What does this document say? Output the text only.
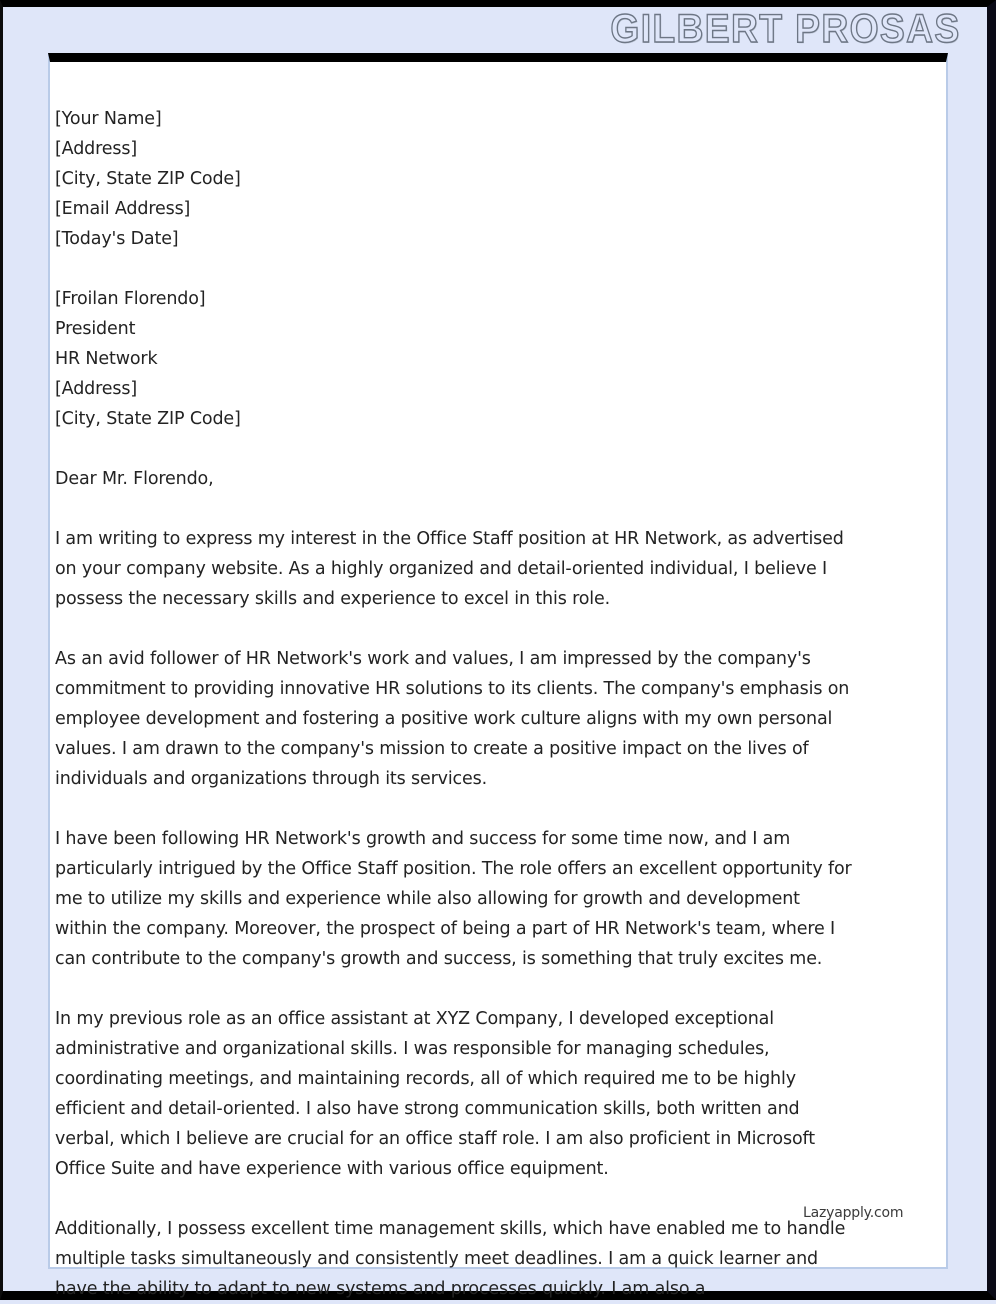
GILBERT PROSAS
[Your Name]
[Address]
[City, State ZIP Code]
[Email Address]
[Today's Date]
[Froilan Florendo]
President
HR Network
[Address]
[City, State ZIP Code]
Dear Mr. Florendo,

I am writing to express my interest in the Office Staff position at HR Network, as advertised on your company website. As a highly organized and detail-oriented individual, I believe I possess the necessary skills and experience to excel in this role.

As an avid follower of HR Network's work and values, I am impressed by the company's commitment to providing innovative HR solutions to its clients. The company's emphasis on employee development and fostering a positive work culture aligns with my own personal values. I am drawn to the company's mission to create a positive impact on the lives of individuals and organizations through its services.

I have been following HR Network's growth and success for some time now, and I am particularly intrigued by the Office Staff position. The role offers an excellent opportunity for me to utilize my skills and experience while also allowing for growth and development within the company. Moreover, the prospect of being a part of HR Network's team, where I can contribute to the company's growth and success, is something that truly excites me.

In my previous role as an office assistant at XYZ Company, I developed exceptional administrative and organizational skills. I was responsible for managing schedules, coordinating meetings, and maintaining records, all of which required me to be highly efficient and detail-oriented. I also have strong communication skills, both written and verbal, which I believe are crucial for an office staff role. I am also proficient in Microsoft Office Suite and have experience with various office equipment.

Additionally, I possess excellent time management skills, which have enabled me to handle multiple tasks simultaneously and consistently meet deadlines. I am a quick learner and have the ability to adapt to new systems and processes quickly. I am also a

Lazyapply.com
